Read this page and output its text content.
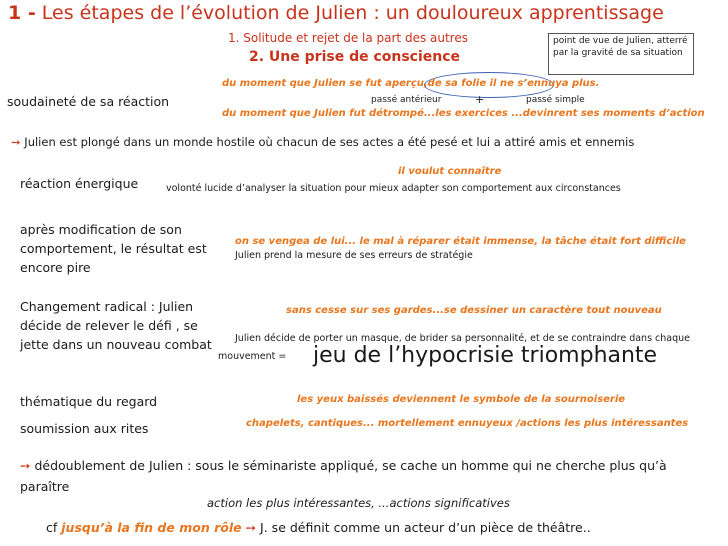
1 - Les étapes de l’évolution de Julien : un douloureux apprentissage
1. Solitude et rejet de la part des autres
2. Une prise de conscience
point de vue de Julien, atterré par la gravité de sa situation
du moment que Julien se fut aperçu,de sa folie il ne s’ennuya plus.
soudaineté de sa réaction	passé antérieur	+	passé simple
du moment que Julien fut détrompé...les exercices ...devinrent ses moments d’action
➙ Julien est plongé dans un monde hostile où chacun de ses actes a été pesé et lui a attiré amis et ennemis
il voulut connaître
réaction énergique	volonté lucide d’analyser la situation pour mieux adapter son comportement aux circonstances
après modification de son comportement, le résultat est encore pire
on se vengea de lui... le mal à réparer était immense, la tâche était fort difficile
Julien prend la mesure de ses erreurs de stratégie
Changement radical : Julien décide de relever le défi , se jette dans un nouveau combat
sans cesse sur ses gardes...se dessiner un caractère tout nouveau
Julien décide de porter un masque, de brider sa personnalité, et de se contraindre dans chaque
mouvement = jeu de l’hypocrisie triomphante
thématique du regard	les yeux baissés deviennent le symbole de la sournoiserie
soumission aux rites	chapelets, cantiques... mortellement ennuyeux /actions les plus intéressantes
➙ dédoublement de Julien : sous le séminariste appliqué, se cache un homme qui ne cherche plus qu’à paraître
action les plus intéressantes, ...actions significatives
cf jusqu’à la fin de mon rôle ➙ J. se définit comme un acteur d’un pièce de théâtre..
